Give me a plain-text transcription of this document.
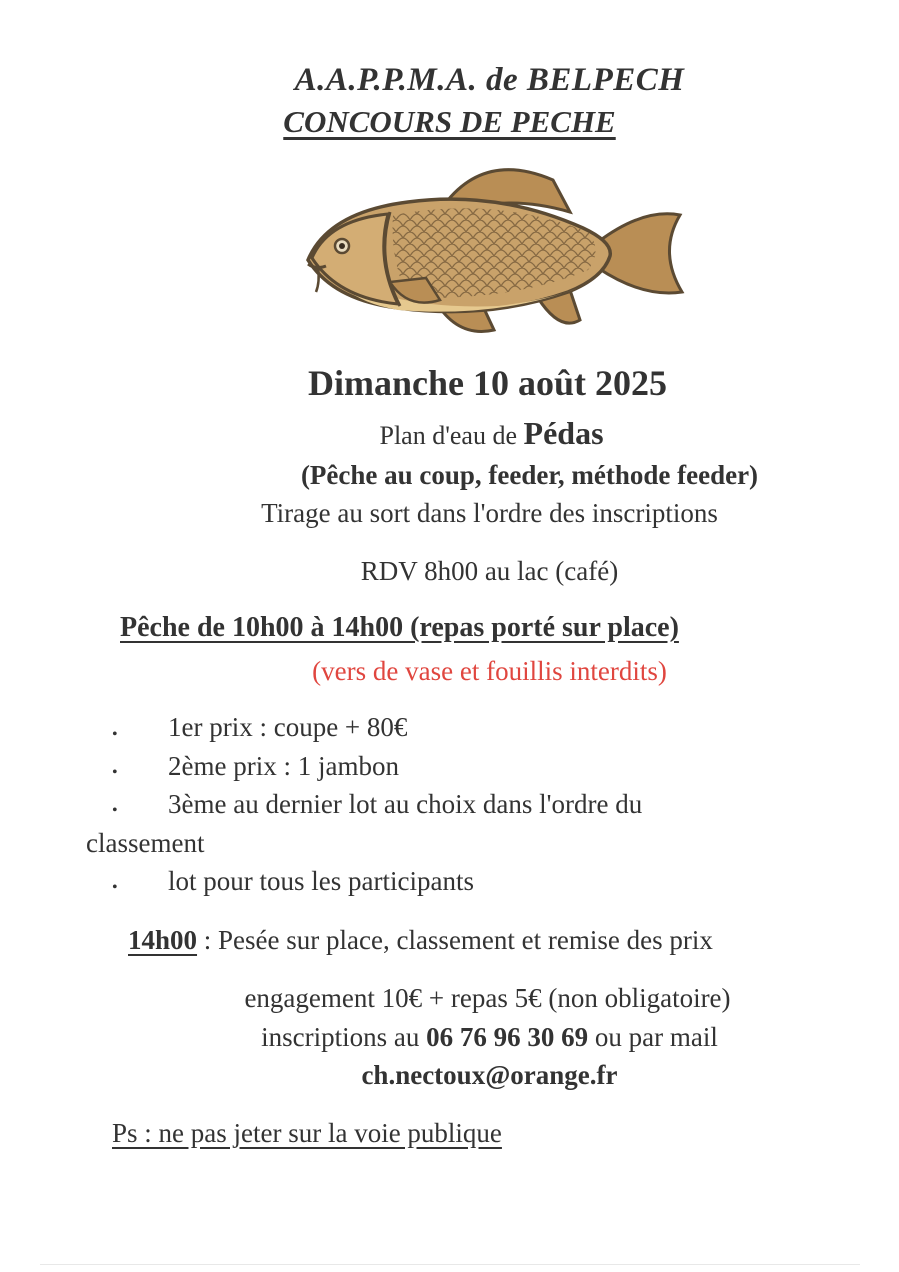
A.A.P.P.M.A. de BELPECH
CONCOURS DE PECHE
Dimanche 10 août 2025
Plan d'eau de Pédas
(Pêche au coup, feeder, méthode feeder)
Tirage au sort dans l'ordre des inscriptions
RDV 8h00 au lac (café)
Pêche de 10h00 à 14h00 (repas porté sur place)
(vers de vase et fouillis interdits)
• 1er prix : coupe + 80€
• 2ème prix : 1 jambon
• 3ème au dernier lot au choix dans l'ordre du
classement
• lot pour tous les participants
14h00 : Pesée sur place, classement et remise des prix
engagement 10€ + repas 5€ (non obligatoire)
inscriptions au 06 76 96 30 69 ou par mail
ch.nectoux@orange.fr
Ps : ne pas jeter sur la voie publique
